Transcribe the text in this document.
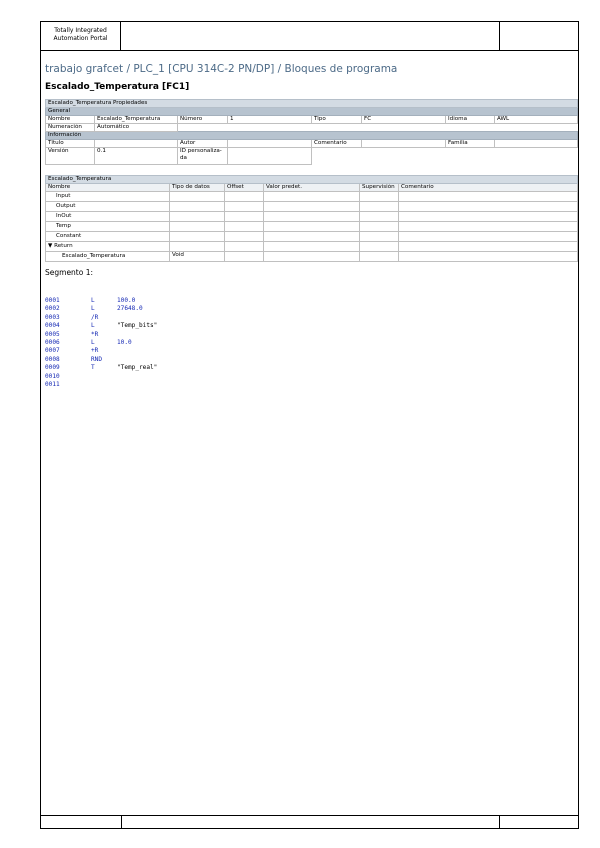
Totally Integrated
Automation Portal
trabajo grafcet / PLC_1 [CPU 314C-2 PN/DP] / Bloques de programa
Escalado_Temperatura [FC1]
Escalado_Temperatura Propiedades							
General							
Nombre	Escalado_Temperatura	Número	1	Tipo	FC	Idioma	AWL
Numeración	Automático						
Información							
Título		Autor		Comentario		Familia	
Versión	0.1	ID personaliza-
da					

Escalado_Temperatura					
Nombre	Tipo de datos	Offset	Valor predet.	Supervisión	Comentario
Input					
Output					
InOut					
Temp					
Constant					
▼ Return					
Escalado_Temperatura	Void				
Segmento 1:
0001	L	100.0
0002	L	27648.0
0003	/R
0004	L	"Temp_bits"
0005	*R
0006	L	10.0
0007	+R
0008	RND
0009	T	"Temp_real"
0010
0011
